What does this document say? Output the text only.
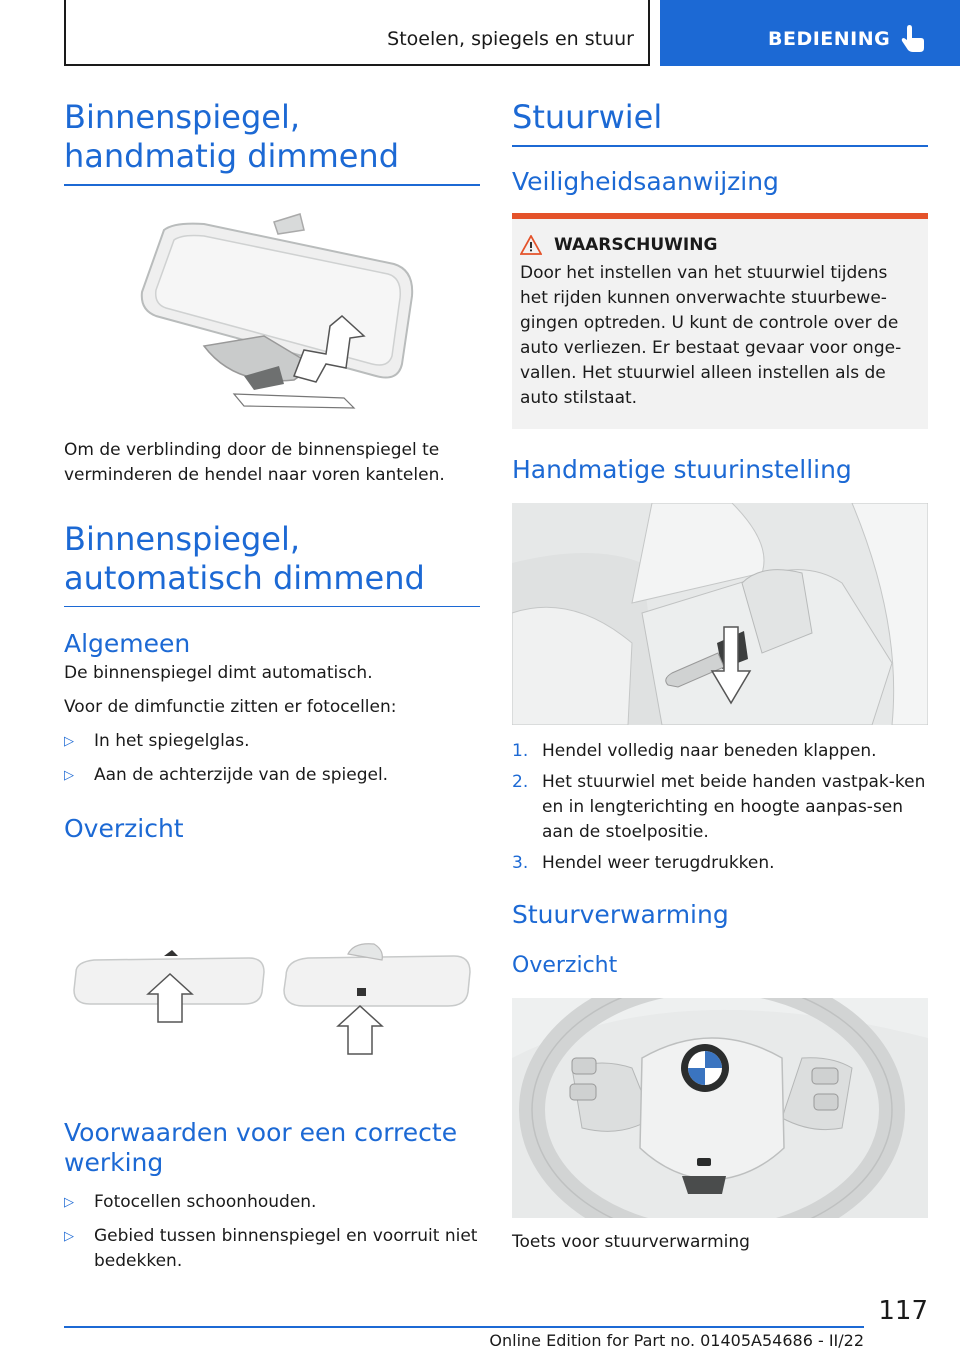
Stoelen, spiegels en stuur	BEDIENING
Binnenspiegel, handmatig dimmend

Om de verblinding door de binnenspiegel te verminderen de hendel naar voren kantelen.

Binnenspiegel, automatisch dimmend
Algemeen

De binnenspiegel dimt automatisch.

Voor de dimfunctie zitten er fotocellen:

▷ In het spiegelglas.
▷ Aan de achterzijde van de spiegel.
Overzicht
Voorwaarden voor een correcte werking
▷ Fotocellen schoonhouden.
▷ Gebied tussen binnenspiegel en voorruit niet bedekken.
Stuurwiel
Veiligheidsaanwijzing
WAARSCHUWING

Door het instellen van het stuurwiel tijdens het rijden kunnen onverwachte stuurbewe‐gingen optreden. U kunt de controle over de auto verliezen. Er bestaat gevaar voor onge‐vallen. Het stuurwiel alleen instellen als de auto stilstaat.

Handmatige stuurinstelling
1. Hendel volledig naar beneden klappen.
2. Het stuurwiel met beide handen vastpak‐ken en in lengterichting en hoogte aanpas‐sen aan de stoelpositie.
3. Hendel weer terugdrukken.
Stuurverwarming
Overzicht

Toets voor stuurverwarming

117
Online Edition for Part no. 01405A54686 - II/22
